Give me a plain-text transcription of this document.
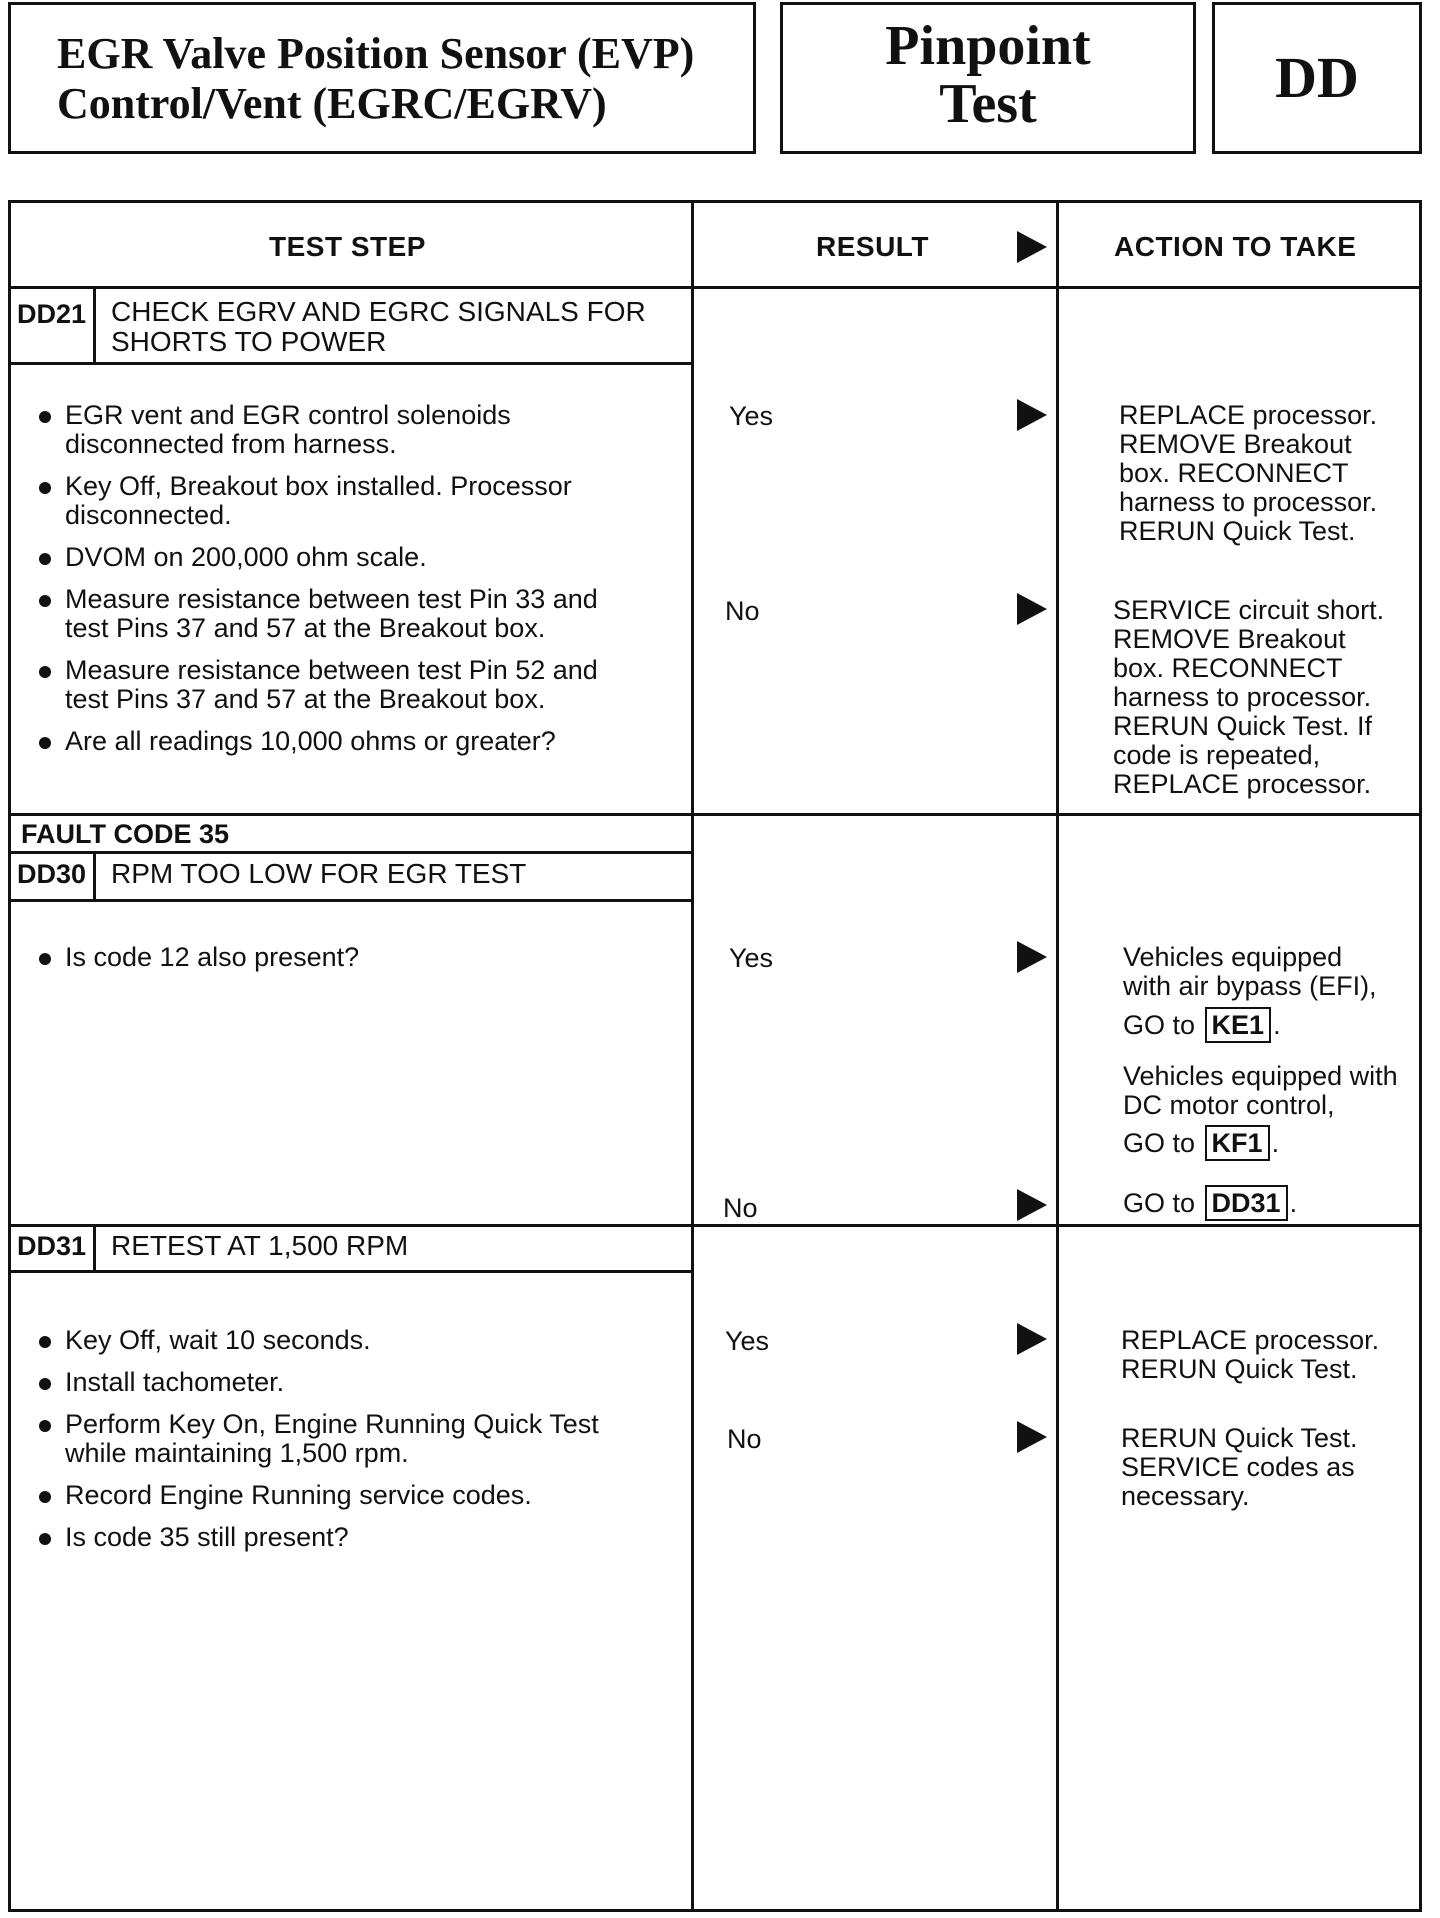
EGR Valve Position Sensor (EVP)
Control/Vent (EGRC/EGRV)
Pinpoint
Test	DD
TEST STEP	RESULT	ACTION TO TAKE
DD21 CHECK EGRV AND EGRC SIGNALS FOR
SHORTS TO POWER
EGR vent and EGR control solenoids disconnected from harness.
Key Off, Breakout box installed. Processor disconnected.
DVOM on 200,000 ohm scale.
Measure resistance between test Pin 33 and test Pins 37 and 57 at the Breakout box.
Measure resistance between test Pin 52 and test Pins 37 and 57 at the Breakout box.
Are all readings 10,000 ohms or greater?
Yes	REPLACE processor.
REMOVE Breakout
box. RECONNECT
harness to processor.
RERUN Quick Test.
No	SERVICE circuit short.
REMOVE Breakout
box. RECONNECT
harness to processor.
RERUN Quick Test. If
code is repeated,
REPLACE processor.
FAULT CODE 35
DD30 RPM TOO LOW FOR EGR TEST
Is code 12 also present?	Yes	Vehicles equipped
with air bypass (EFI),
GO to KE1 .
Vehicles equipped with
DC motor control,
GO to KF1 .
No	GO to DD31 .
DD31 RETEST AT 1,500 RPM
Key Off, wait 10 seconds.
Install tachometer.
Perform Key On, Engine Running Quick Test while maintaining 1,500 rpm.
Record Engine Running service codes.
Is code 35 still present?
Yes	REPLACE processor.
RERUN Quick Test.
No	RERUN Quick Test.
SERVICE codes as
necessary.
